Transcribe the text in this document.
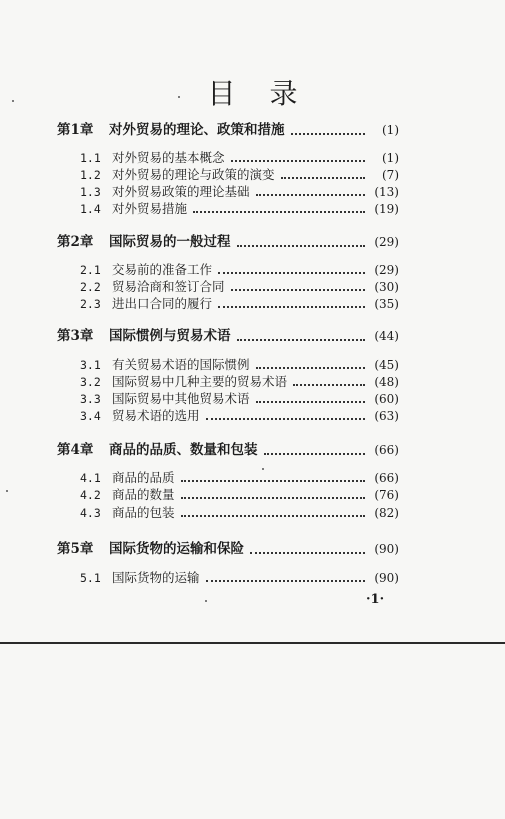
目录
第1章	对外贸易的理论、政策和措施	(1)
1.1 对外贸易的基本概念	(1)
1.2 对外贸易的理论与政策的演变	(7)
1.3 对外贸易政策的理论基础	(13)
1.4 对外贸易措施	(19)
第2章	国际贸易的一般过程	(29)
2.1 交易前的准备工作	(29)
2.2 贸易洽商和签订合同	(30)
2.3 进出口合同的履行	(35)
第3章	国际惯例与贸易术语	(44)
3.1 有关贸易术语的国际惯例	(45)
3.2 国际贸易中几种主要的贸易术语	(48)
3.3 国际贸易中其他贸易术语	(60)
3.4 贸易术语的选用	(63)
第4章	商品的品质、数量和包装	(66)
4.1 商品的品质	(66)
4.2 商品的数量	(76)
4.3 商品的包装	(82)
第5章	国际货物的运输和保险	(90)
5.1 国际货物的运输	(90)
·1·
